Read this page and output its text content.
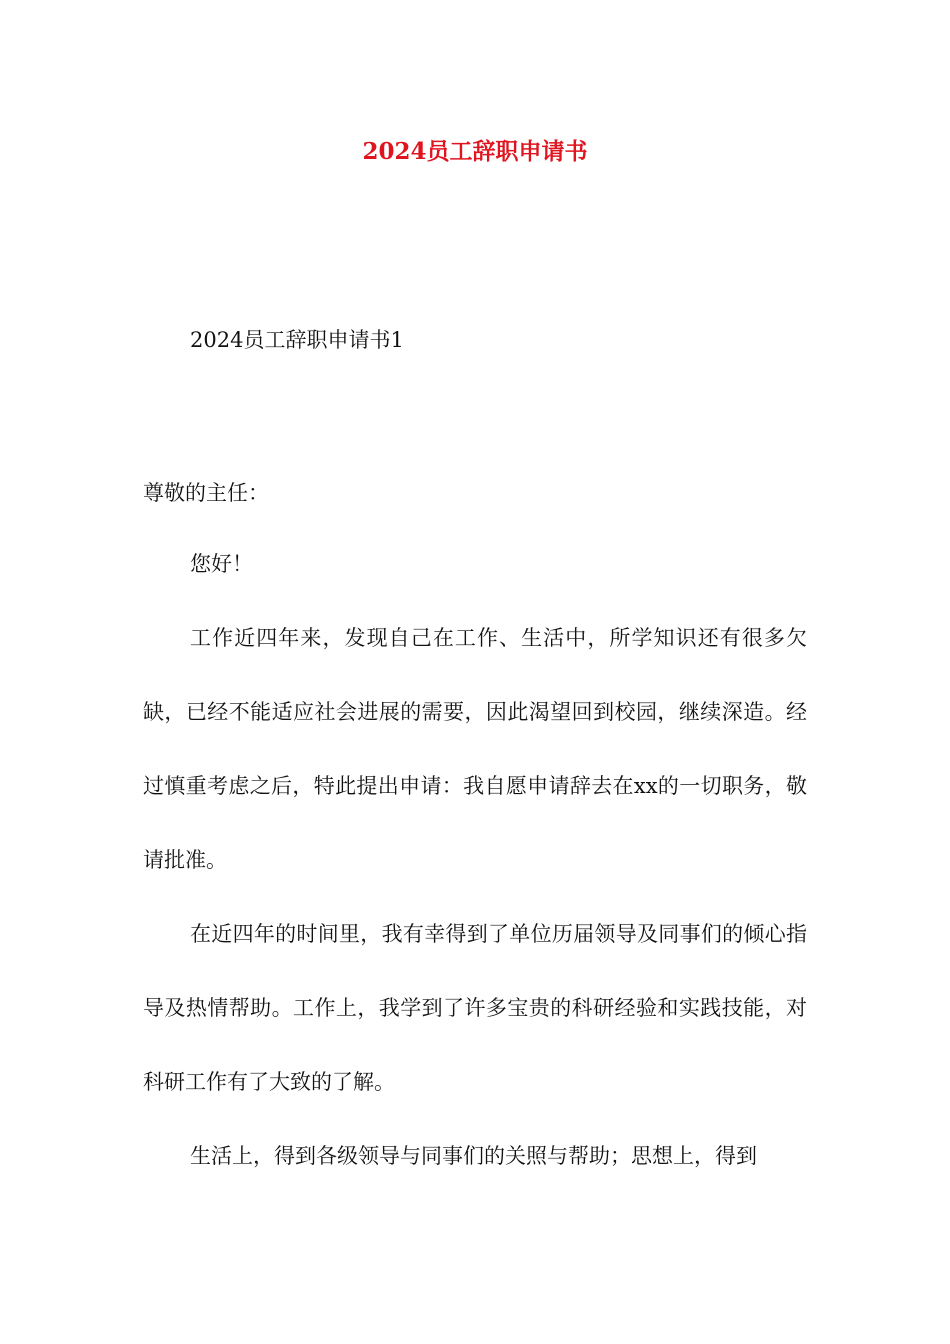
2024员工辞职申请书
2024员工辞职申请书1
尊敬的主任：

您好！

工作近四年来，发现自己在工作、生活中，所学知识还有很多欠缺，已经不能适应社会进展的需要，因此渴望回到校园，继续深造。经过慎重考虑之后，特此提出申请：我自愿申请辞去在xx的一切职务，敬请批准。

在近四年的时间里，我有幸得到了单位历届领导及同事们的倾心指导及热情帮助。工作上，我学到了许多宝贵的科研经验和实践技能，对科研工作有了大致的了解。

生活上，得到各级领导与同事们的关照与帮助；思想上，得到
